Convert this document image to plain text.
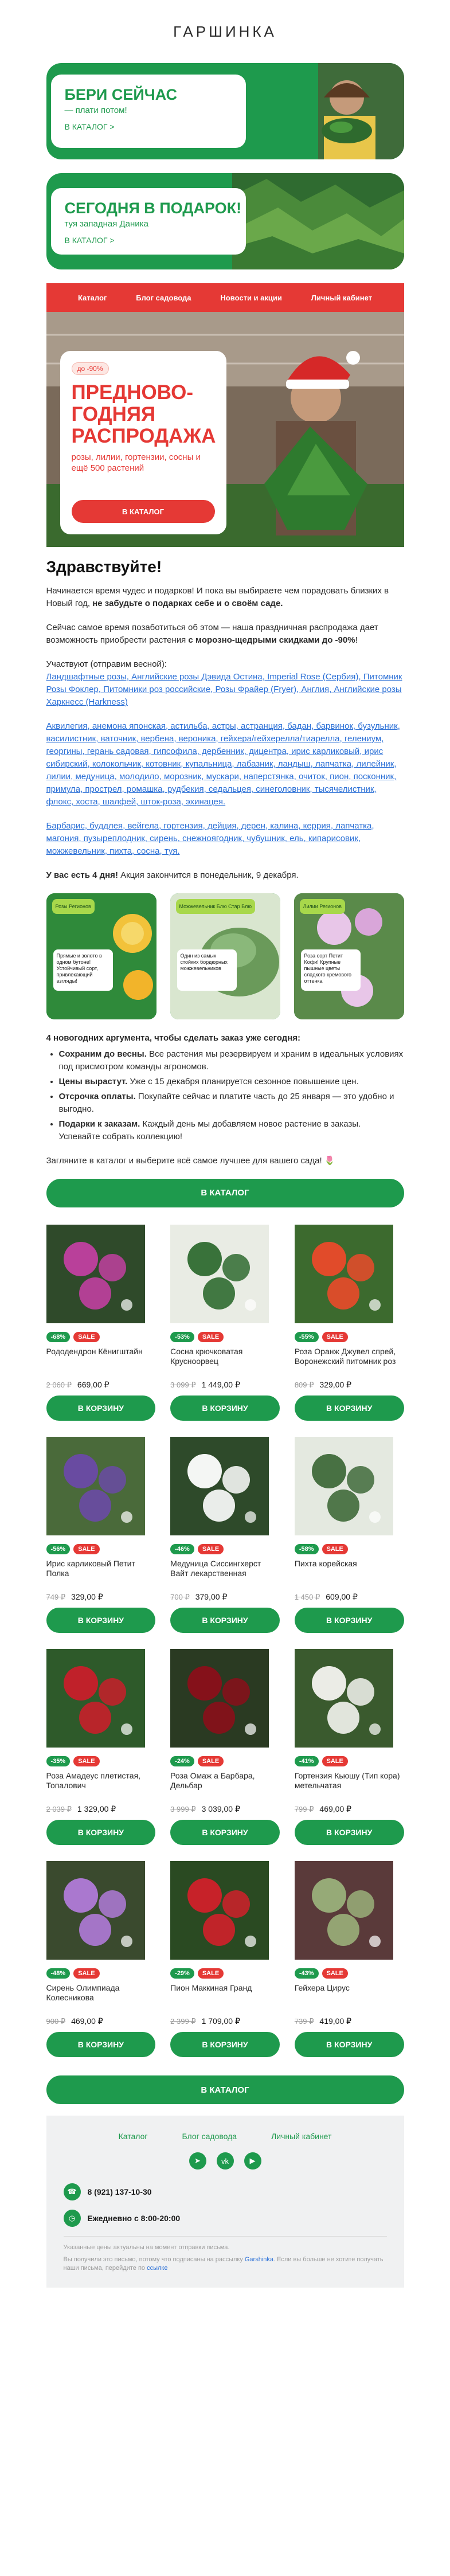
ГАРШИНКА
БЕРИ СЕЙЧАС
— плати потом!
В КАТАЛОГ >
СЕГОДНЯ В ПОДАРОК!
туя западная Даника
В КАТАЛОГ >
Каталог	Блог садовода	Новости и акции	Личный кабинет
до -90%
ПРЕДНОВО-ГОДНЯЯ РАСПРОДАЖА
розы, лилии, гортензии, сосны и ещё 500 растений
В КАТАЛОГ
Здравствуйте!

Начинается время чудес и подарков! И пока вы выбираете чем порадовать близких в Новый год, не забудьте о подарках себе и о своём саде.

Сейчас самое время позаботиться об этом — наша праздничная распродажа дает возможность приобрести растения с морозно-щедрыми скидками до -90%!

Участвуют (отправим весной):

Ландшафтные розы, Английские розы Дэвида Остина, Imperial Rose (Сербия), Питомник Розы Фоклер, Питомники роз российские, Розы Фрайер (Fryer), Англия, Английские розы Харкнесс (Harkness)

Аквилегия, анемона японская, астильба, астры, астранция, бадан, барвинок, бузульник, василистник, ваточник, вербена, вероника, гейхера/гейхерелла/тиарелла, гелениум, георгины, герань садовая, гипсофила, дербенник, дицентра, ирис карликовый, ирис сибирский, колокольчик, котовник, купальница, лабазник, ландыш, лапчатка, лилейник, лилии, медуница, молодило, морозник, мускари, наперстянка, очиток, пион, посконник, примула, прострел, ромашка, рудбекия, седальцея, синеголовник, тысячелистник, флокс, хоста, шалфей, шток-роза, эхинацея.

Барбарис, буддлея, вейгела, гортензия, дейция, дерен, калина, керрия, лапчатка, магония, пузыреплодник, сирень, снежноягодник, чубушник, ель, кипарисовик, можжевельник, пихта, сосна, туя.

У вас есть 4 дня! Акция закончится в понедельник, 9 декабря.

Розы Регионов
Прямые и золото в одном бутоне! Устойчивый сорт, привлекающий взгляды!
Можжевельник Блю Стар Блю
Один из самых стойких бордюрных можжевельников
Лилии Регионов
Роза сорт Петит Кофи! Крупные пышные цветы сладкого кремового оттенка

4 новогодних аргумента, чтобы сделать заказ уже сегодня:

• Сохраним до весны. Все растения мы резервируем и храним в идеальных условиях под присмотром команды агрономов.
• Цены вырастут. Уже с 15 декабря планируется сезонное повышение цен.
• Отсрочка оплаты. Покупайте сейчас и платите часть до 25 января — это удобно и выгодно.
• Подарки к заказам. Каждый день мы добавляем новое растение в заказы. Успевайте собрать коллекцию!

Загляните в каталог и выберите всё самое лучшее для вашего сада! 🌷

В КАТАЛОГ
-68%	SALE
Рододендрон Кёнигштайн
2 060 ₽ 669,00 ₽
В КОРЗИНУ
-53%	SALE
Сосна крючковатая Крусноорвец
3 099 ₽ 1 449,00 ₽
В КОРЗИНУ
-55%	SALE
Роза Оранж Джувел спрей, Воронежский питомник роз
809 ₽ 329,00 ₽
В КОРЗИНУ
-56%	SALE
Ирис карликовый Петит Полка
749 ₽ 329,00 ₽
В КОРЗИНУ
-46%	SALE
Медуница Сиссингхерст Вайт лекарственная
700 ₽ 379,00 ₽
В КОРЗИНУ
-58%	SALE
Пихта корейская
1 450 ₽ 609,00 ₽
В КОРЗИНУ
-35%	SALE
Роза Амадеус плетистая, Топалович
2 039 ₽ 1 329,00 ₽
В КОРЗИНУ
-24%	SALE
Роза Омаж а Барбара, Дельбар
3 999 ₽ 3 039,00 ₽
В КОРЗИНУ
-41%	SALE
Гортензия Кьюшу (Тип кора) метельчатая
799 ₽ 469,00 ₽
В КОРЗИНУ
-48%	SALE
Сирень Олимпиада Колесникова
900 ₽ 469,00 ₽
В КОРЗИНУ
-29%	SALE
Пион Маккиная Гранд
2 399 ₽ 1 709,00 ₽
В КОРЗИНУ
-43%	SALE
Гейхера Цирус
739 ₽ 419,00 ₽
В КОРЗИНУ
В КАТАЛОГ
Каталог	Блог садовода	Личный кабинет
➤	vk	▶
☎	8 (921) 137-10-30
◷	Ежедневно с 8:00-20:00
Указанные цены актуальны на момент отправки письма.
Вы получили это письмо, потому что подписаны на рассылку Garshinka. Если вы больше не хотите получать наши письма, перейдите по ссылке
